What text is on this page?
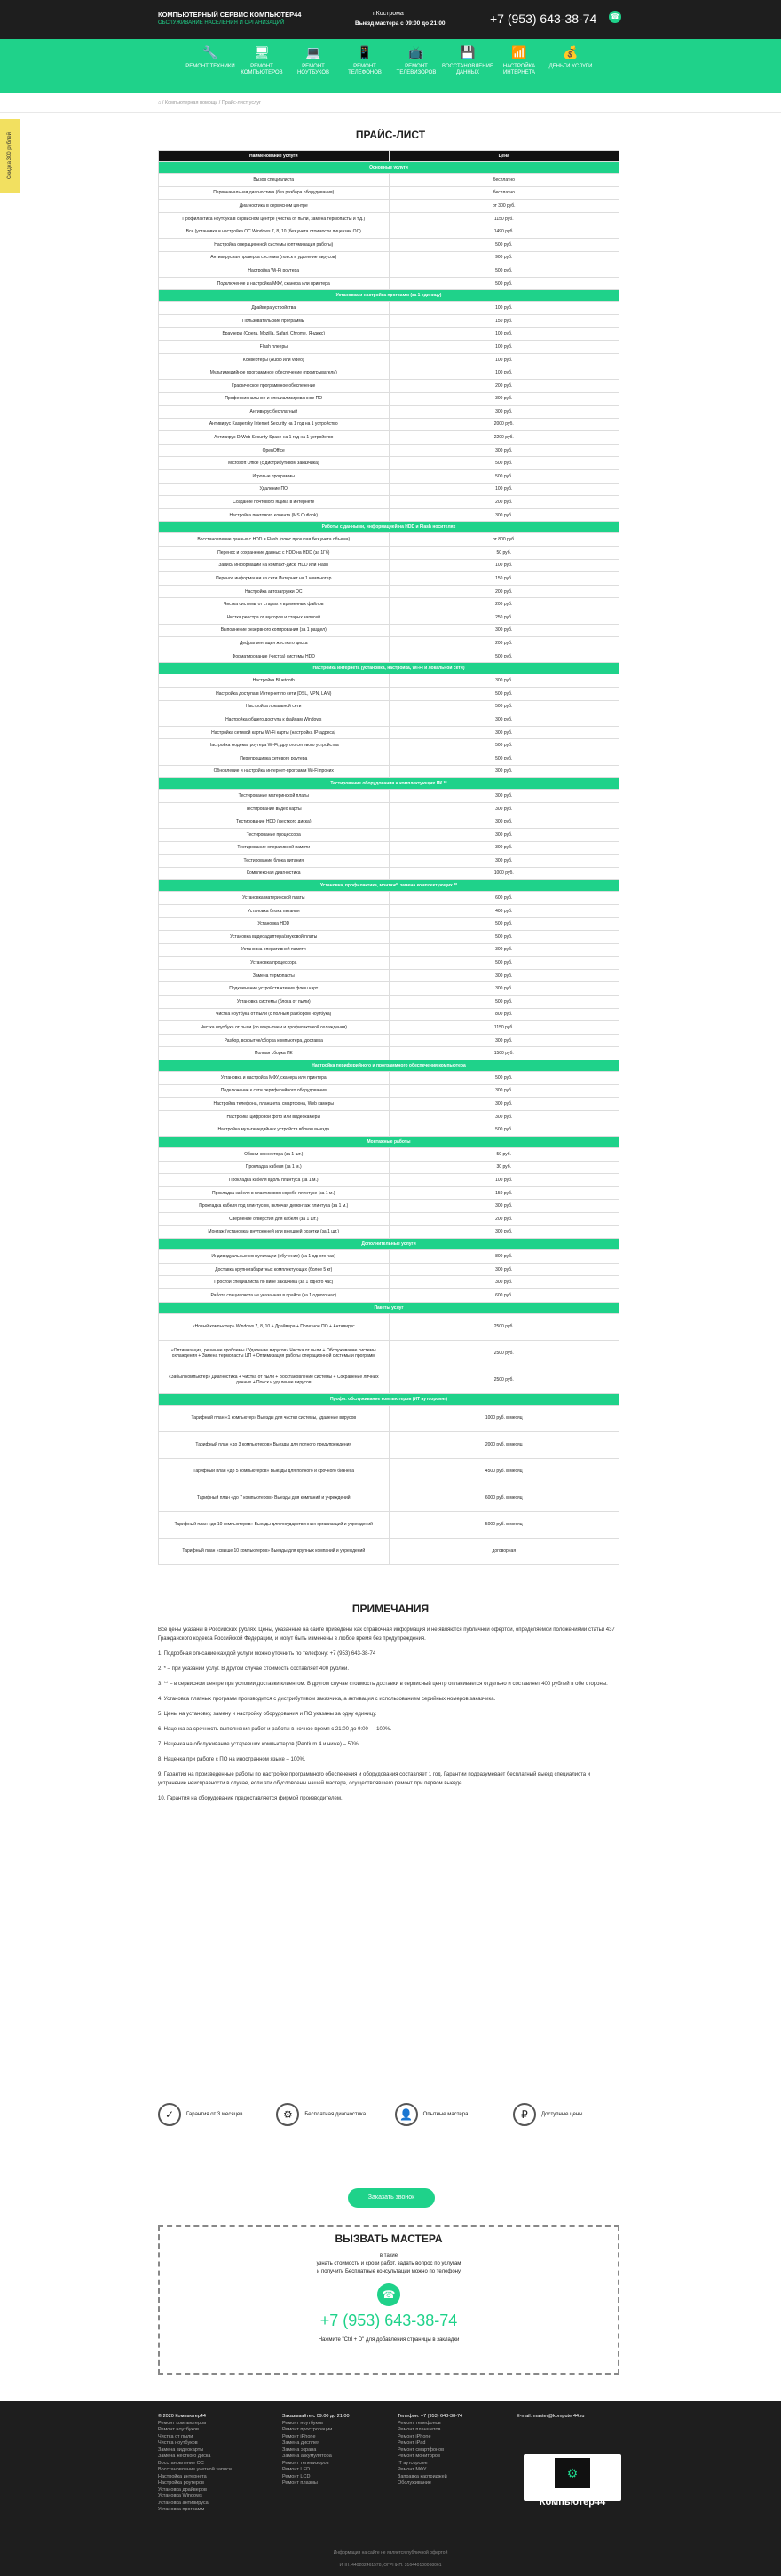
КОМПЬЮТЕРНЫЙ СЕРВИС КОМПЬЮТЕР44
ОБСЛУЖИВАНИЕ НАСЕЛЕНИЯ И ОРГАНИЗАЦИЙ
г.Кострома
Выезд мастера с 09:00 до 21:00	+7 (953) 643-38-74 ☎
🔧
РЕМОНТ ТЕХНИКИ
🖥
РЕМОНТ КОМПЬЮТЕРОВ
💻
РЕМОНТ НОУТБУКОВ
📱
РЕМОНТ ТЕЛЕФОНОВ
📺
РЕМОНТ ТЕЛЕВИЗОРОВ
💾
ВОССТАНОВЛЕНИЕ ДАННЫХ
📶
НАСТРОЙКА ИНТЕРНЕТА
💰
ДЕНЬГИ УСЛУГИ
⌂ / Компьютерная помощь / Прайс-лист услуг
Скидка 300 рублей	ПРАЙС-ЛИСТ
Наименование услуги	Цена
Основные услуги	
Вызов специалиста	бесплатно
Первоначальная диагностика (без разбора оборудования)	бесплатно
Диагностика в сервисном центре	от 300 руб.
Профилактика ноутбука в сервисном центре (чистка от пыли, замена термопасты и т.д.)	1150 руб.
Все (установка и настройка ОС Windows 7, 8, 10 (без учета стоимости лицензии ОС)	1490 руб.
Настройка операционной системы (оптимизация работы)	500 руб.
Антивирусная проверка системы (поиск и удаление вирусов)	900 руб.
Настройка Wi-Fi роутера	500 руб.
Подключение и настройка МФУ, сканера или принтера	500 руб.
Установка и настройка программ (за 1 единицу)	
Драйвера устройства	100 руб.
Пользовательские программы	150 руб.
Браузеры (Opera, Mozilla, Safari, Chrome, Яндекс)	100 руб.
Flash плееры	100 руб.
Конвертеры (Audio или video)	100 руб.
Мультимедийное программное обеспечение (проигрыватели)	100 руб.
Графическое программное обеспечение	200 руб.
Профессиональное и специализированное ПО	300 руб.
Антивирус бесплатный	300 руб.
Антивирус Kaspersky Internet Security на 1 год на 1 устройство	2000 руб.
Антивирус DrWeb Security Space на 1 год на 1 устройство	2200 руб.
OpenOffice	300 руб.
Microsoft Office (с дистрибутивом заказчика)	500 руб.
Игровые программы	500 руб.
Удаление ПО	100 руб.
Создание почтового ящика в интернете	200 руб.
Настройка почтового клиента (MS Outlook)	300 руб.
Работы с данными, информацией на HDD и Flash носителях	
Восстановление данных с HDD и Flash (плюс прошлая без учета объема)	от 800 руб.
Перенос и сохранение данных с HDD на HDD (за 1Гб)	50 руб.
Запись информации на компакт-диск, HDD или Flash	100 руб.
Перенос информации из сети Интернет на 1 компьютер	150 руб.
Настройка автозагрузки ОС	200 руб.
Чистка системы от старых и временных файлов	200 руб.
Чистка реестра от мусоров и старых записей	250 руб.
Выполнение резервного копирования (за 1 раздел)	300 руб.
Дефрагментация жесткого диска	200 руб.
Форматирование (чистка) системы HDD	500 руб.
Настройка интернета (установка, настройка, Wi-Fi и локальной сети)	
Настройка Bluetooth	300 руб.
Настройка доступа в Интернет по сети (DSL, VPN, LAN)	500 руб.
Настройка локальной сети	500 руб.
Настройка общего доступа к файлам Windows	300 руб.
Настройка сетевой карты Wi-Fi карты (настройка IP-адреса)	300 руб.
Настройка модема, роутера Wi-Fi, другого сетевого устройства	500 руб.
Перепрошивка сетевого роутера	500 руб.
Обновление и настройка интернет-программ Wi-Fi прочих	300 руб.
Тестирование оборудования и комплектующих ПК **	
Тестирование материнской платы	300 руб.
Тестирование видео карты	300 руб.
Тестирование HDD (жесткого диска)	300 руб.
Тестирование процессора	300 руб.
Тестирование оперативной памяти	300 руб.
Тестирование блока питания	300 руб.
Комплексная диагностика	1000 руб.
Установка, профилактика, монтаж*, замена комплектующих **	
Установка материнской платы	600 руб.
Установка блока питания	400 руб.
Установка HDD	500 руб.
Установка видеоадаптера/звуковой платы	500 руб.
Установка оперативной памяти	300 руб.
Установка процессора	500 руб.
Замена термопасты	300 руб.
Подключение устройств чтения флеш карт	300 руб.
Установка системы (блока от пыли)	500 руб.
Чистка ноутбука от пыли (с полным разбором ноутбука)	800 руб.
Чистка ноутбука от пыли (со вскрытием и профилактикой охлаждения)	1150 руб.
Разбор, вскрытие/сборка компьютера, доставка	300 руб.
Полная сборка ПК	1500 руб.
Настройка периферийного и программного обеспечения компьютера	
Установка и настройка МФУ, сканера или принтера	500 руб.
Подключение к сети периферийного оборудования	300 руб.
Настройка телефона, планшета, смартфона, Web камеры	300 руб.
Настройка цифровой фото или видеокамеры	300 руб.
Настройка мультимедийных устройств вблизи выезда	500 руб.
Монтажные работы	
Обжим коннектора (за 1 шт.)	50 руб.
Прокладка кабеля (за 1 м.)	30 руб.
Прокладка кабеля вдоль плинтуса (за 1 м.)	100 руб.
Прокладка кабеля в пластиковом коробе-плинтусе (за 1 м.)	150 руб.
Прокладка кабеля под плинтусом, включая демонтаж плинтуса (за 1 м.)	300 руб.
Сверление отверстия для кабеля (за 1 шт.)	200 руб.
Монтаж (установка) внутренней или внешней розетки (за 1 шт.)	300 руб.
Дополнительные услуги	
Индивидуальные консультации (обучение) (за 1 одного час)	800 руб.
Доставка крупногабаритных комплектующих (более 5 кг)	300 руб.
Простой специалиста по вине заказчика (за 1 одного час)	300 руб.
Работа специалиста не указанная в прайсе (за 1 одного час)	600 руб.
Пакеты услуг	
«Новый компьютер» Windows 7, 8, 10 + Драйвера + Полезное ПО + Антивирус	2500 руб.
«Оптимизация, решение проблемы / Удаление вирусов» Чистка от пыли + Обслуживание системы охлаждения + Замена термопасты ЦП + Оптимизация работы операционной системы и программ	2500 руб.
«Забыл компьютер» Диагностика + Чистка от пыли + Восстановление системы + Сохранение личных данных + Поиск и удаление вирусов	2500 руб.
Профи: обслуживание компьютеров (ИТ аутсорсинг)	
Тарифный план «1 компьютер» Выезды для чистки системы, удаление вирусов	1000 руб. в месяц
Тарифный план «до 3 компьютеров» Выезды для полного предупреждения	2000 руб. в месяц
Тарифный план «до 5 компьютеров» Выезды для полного и срочного бизнеса	4500 руб. в месяц
Тарифный план «до 7 компьютеров» Выезды для компаний и учреждений	6000 руб. в месяц
Тарифный план «до 10 компьютеров» Выезды для государственных организаций и учреждений	5000 руб. в месяц
Тарифный план «свыше 10 компьютеров» Выезды для крупных компаний и учреждений	договорная
ПРИМЕЧАНИЯ

Все цены указаны в Российских рублях. Цены, указанные на сайте приведены как справочная информация и не являются публичной офертой, определяемой положениями статьи 437 Гражданского кодекса Российской Федерации, и могут быть изменены в любое время без предупреждения.

1. Подробная опнсание каждой услуги можно уточнить по телефону: +7 (953) 643-38-74

2. * – при указании услуг. В другом случае стоимость составляет 400 рублей.

3. ** – в сервисном центре при условии доставки клиентом. В другом случае стоимость доставки в сервисный центр оплачивается отдельно и составляет 400 рублей в обе стороны.

4. Установка платных программ производится с дистрибутивом заказчика, а активация с использованием серийных номеров заказчика.

5. Цены на установку, замену и настройку оборудования и ПО указаны за одну единицу.

6. Наценка за срочность выполнения работ и работы в ночное время с 21:00 до 9:00 — 100%.

7. Наценка на обслуживание устаревших компьютеров (Pentium 4 и ниже) – 50%.

8. Наценка при работе с ПО на иностранном языке – 100%.

9. Гарантия на произведенные работы по настройке программного обеспечения и оборудования составляет 1 год. Гарантии подразумевает бесплатный выезд специалиста и устранение неисправности в случае, если эти обусловлены нашей мастера, осуществлявшего ремонт при первом выезде.

10. Гарантия на оборудование предоставляется фирмой производителем.

✓	Гарантия от 3 месяцев	⚙	Бесплатная диагностика	👤	Опытные мастера	₽	Доступные цены
Заказать звонок
ВЫЗВАТЬ МАСТЕРА
в такие
узнать стоимость и сроки работ, задать вопрос по услугам
и получить Бесплатные консультации можно по телефону
☎
+7 (953) 643-38-74
Нажмите "Ctrl + D" для добавления страницы в закладки
© 2020 Компьютер44
Ремонт компьютеров
Ремонт ноутбуков
Чистка от пыли
Чистка ноутбуков
Замена видеокарты
Замена жесткого диска
Восстановление ОС
Восстановление учетной записи
Настройка интернета
Настройка роутеров
Установка драйверов
Установка Windows
Установка антивируса
Установка программ
Заказывайте с 09:00 до 21:00
Ремонт ноутбуков
Ремонт прострорации
Ремонт iPhone
Замена дисплея
Замена экрана
Замена аккумулятора
Ремонт телевизоров
Ремонт LED
Ремонт LCD
Ремонт плазмы
Телефон: +7 (953) 643-38-74
Ремонт телефонов
Ремонт планшетов
Ремонт iPhone
Ремонт iPad
Ремонт смартфонов
Ремонт мониторов
IT аутсорсинг
Ремонт МФУ
Заправка картриджей
Обслуживание
E-mail: master@komputer44.ru
⚙
Компьютер44
Информация на сайте не является публичной офертой
ИНН: 440202461578, ОГРНИП: 316440100068061
